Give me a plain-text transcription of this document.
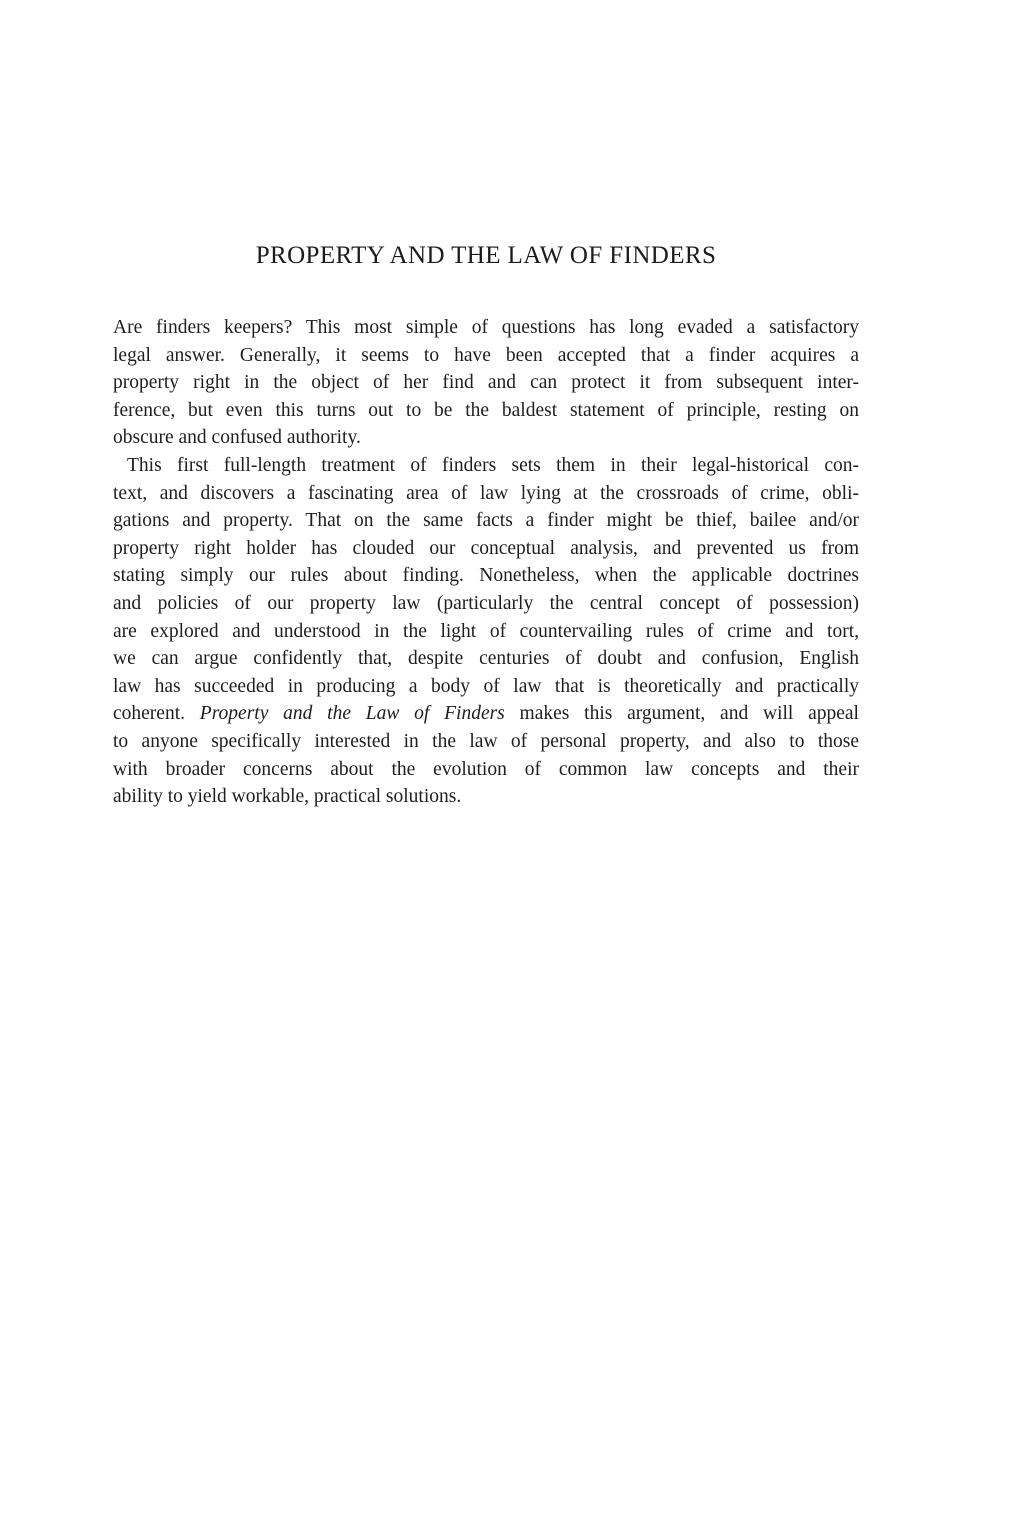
PROPERTY AND THE LAW OF FINDERS
Are finders keepers? This most simple of questions has long evaded a satisfactory
legal answer. Generally, it seems to have been accepted that a finder acquires a
property right in the object of her find and can protect it from subsequent inter-
ference, but even this turns out to be the baldest statement of principle, resting on
obscure and confused authority.
This first full-length treatment of finders sets them in their legal-historical con-
text, and discovers a fascinating area of law lying at the crossroads of crime, obli-
gations and property. That on the same facts a finder might be thief, bailee and/or
property right holder has clouded our conceptual analysis, and prevented us from
stating simply our rules about finding. Nonetheless, when the applicable doctrines
and policies of our property law (particularly the central concept of possession)
are explored and understood in the light of countervailing rules of crime and tort,
we can argue confidently that, despite centuries of doubt and confusion, English
law has succeeded in producing a body of law that is theoretically and practically
coherent. Property and the Law of Finders makes this argument, and will appeal
to anyone specifically interested in the law of personal property, and also to those
with broader concerns about the evolution of common law concepts and their
ability to yield workable, practical solutions.
